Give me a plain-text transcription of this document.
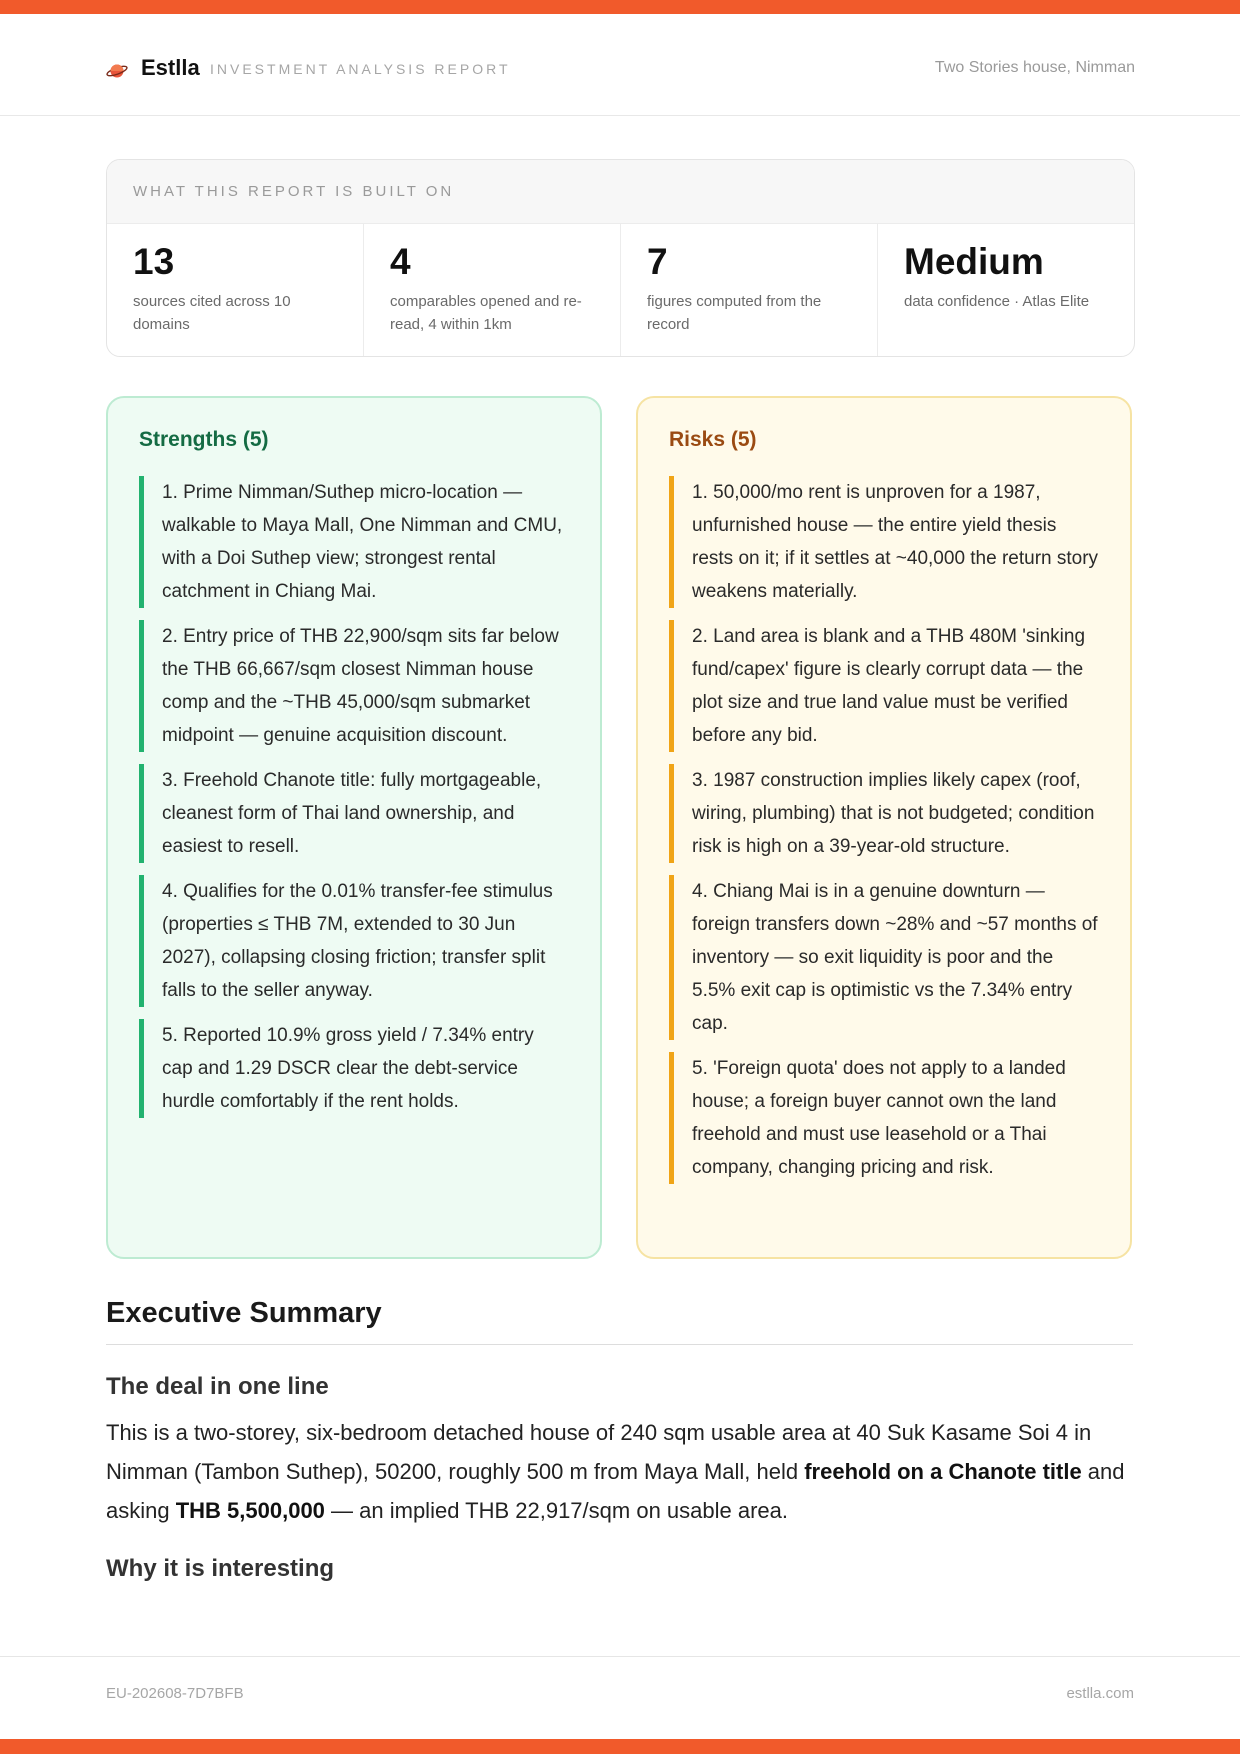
Estlla INVESTMENT ANALYSIS REPORT	Two Stories house, Nimman
WHAT THIS REPORT IS BUILT ON
13
sources cited across 10 domains
4
comparables opened and re-read, 4 within 1km
7
figures computed from the record
Medium
data confidence · Atlas Elite
Strengths (5)
1. Prime Nimman/Suthep micro-location — walkable to Maya Mall, One Nimman and CMU, with a Doi Suthep view; strongest rental catchment in Chiang Mai.
2. Entry price of THB 22,900/sqm sits far below the THB 66,667/sqm closest Nimman house comp and the ~THB 45,000/sqm submarket midpoint — genuine acquisition discount.
3. Freehold Chanote title: fully mortgageable, cleanest form of Thai land ownership, and easiest to resell.
4. Qualifies for the 0.01% transfer-fee stimulus (properties ≤ THB 7M, extended to 30 Jun 2027), collapsing closing friction; transfer split falls to the seller anyway.
5. Reported 10.9% gross yield / 7.34% entry cap and 1.29 DSCR clear the debt-service hurdle comfortably if the rent holds.
Risks (5)
1. 50,000/mo rent is unproven for a 1987, unfurnished house — the entire yield thesis rests on it; if it settles at ~40,000 the return story weakens materially.
2. Land area is blank and a THB 480M 'sinking fund/capex' figure is clearly corrupt data — the plot size and true land value must be verified before any bid.
3. 1987 construction implies likely capex (roof, wiring, plumbing) that is not budgeted; condition risk is high on a 39-year-old structure.
4. Chiang Mai is in a genuine downturn — foreign transfers down ~28% and ~57 months of inventory — so exit liquidity is poor and the 5.5% exit cap is optimistic vs the 7.34% entry cap.
5. 'Foreign quota' does not apply to a landed house; a foreign buyer cannot own the land freehold and must use leasehold or a Thai company, changing pricing and risk.
Executive Summary
The deal in one line

This is a two-storey, six-bedroom detached house of 240 sqm usable area at 40 Suk Kasame Soi 4 in Nimman (Tambon Suthep), 50200, roughly 500 m from Maya Mall, held freehold on a Chanote title and asking THB 5,500,000 — an implied THB 22,917/sqm on usable area.

Why it is interesting
EU-202608-7D7BFB	estlla.com
